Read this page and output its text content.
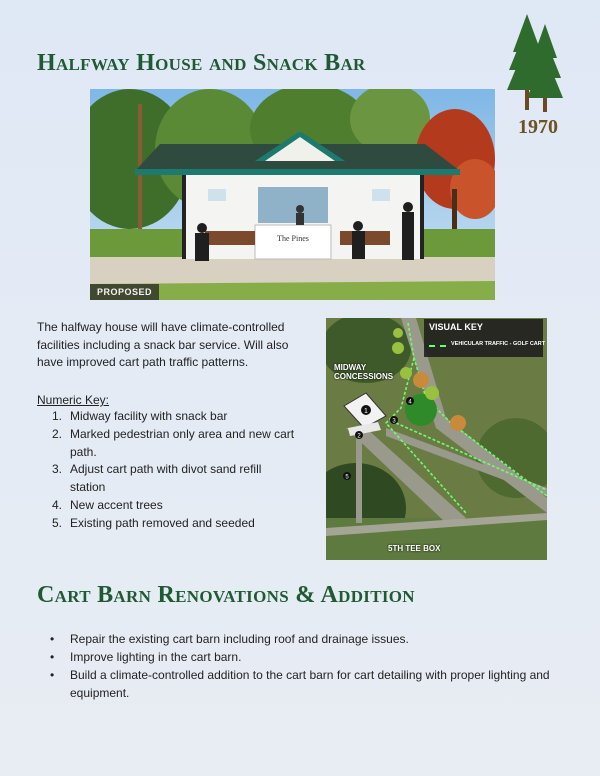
Halfway House and Snack Bar
1970
The Pines
PROPOSED

The halfway house will have climate-controlled facilities including a snack bar service. Will also have improved cart path traffic patterns.

Numeric Key:

1. Midway facility with snack bar
2. Marked pedestrian only area and new cart path.
3. Adjust cart path with divot sand refill station
4. New accent trees
5. Existing path removed and seeded
1
2
3
4
5
VISUAL KEY
VEHICULAR TRAFFIC - GOLF CART
MIDWAY CONCESSIONS
5TH TEE BOX
Cart Barn Renovations & Addition
• Repair the existing cart barn including roof and drainage issues.
• Improve lighting in the cart barn.
• Build a climate-controlled addition to the cart barn for cart detailing with proper lighting and equipment.
